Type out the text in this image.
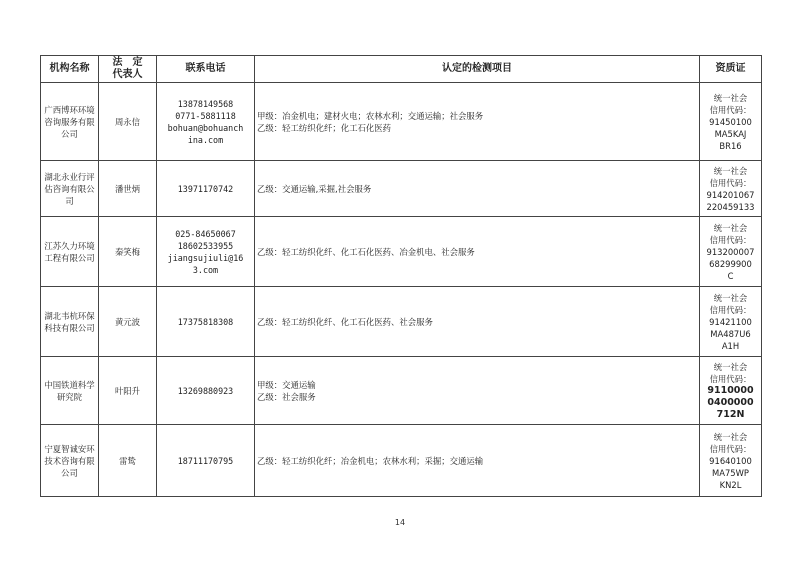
机构名称	法　定
代表人	联系电话	认定的检测项目	资质证
广西博环环境咨询服务有限公司	周永信	13878149568
0771-5881118
bohuan@bohuanch
ina.com	甲级：冶金机电；建材火电；农林水利；交通运输；社会服务
乙级：轻工纺织化纤；化工石化医药	统一社会
信用代码：
91450100
MA5KAJ
BR16

湖北永业行评估咨询有限公司	潘世炳	13971170742	乙级：交通运输,采掘,社会服务	统一社会
信用代码：
914201067
220459133

江苏久力环境工程有限公司	秦笑梅	025-84650067
18602533955
jiangsujiuli@16
3.com	乙级：轻工纺织化纤、化工石化医药、冶金机电、社会服务	统一社会
信用代码：
913200007
68299900
C

湖北韦杭环保科技有限公司	黄元波	17375818308	乙级：轻工纺织化纤、化工石化医药、社会服务	统一社会
信用代码：
91421100
MA487U6
A1H

中国铁道科学研究院	叶阳升	13269880923	甲级：交通运输
乙级：社会服务	统一社会
信用代码：
9110000
0400000
712N

宁夏智诚安环技术咨询有限公司	雷鸷	18711170795	乙级：轻工纺织化纤；冶金机电；农林水利；采掘；交通运输	统一社会
信用代码：
91640100
MA75WP
KN2L
14
